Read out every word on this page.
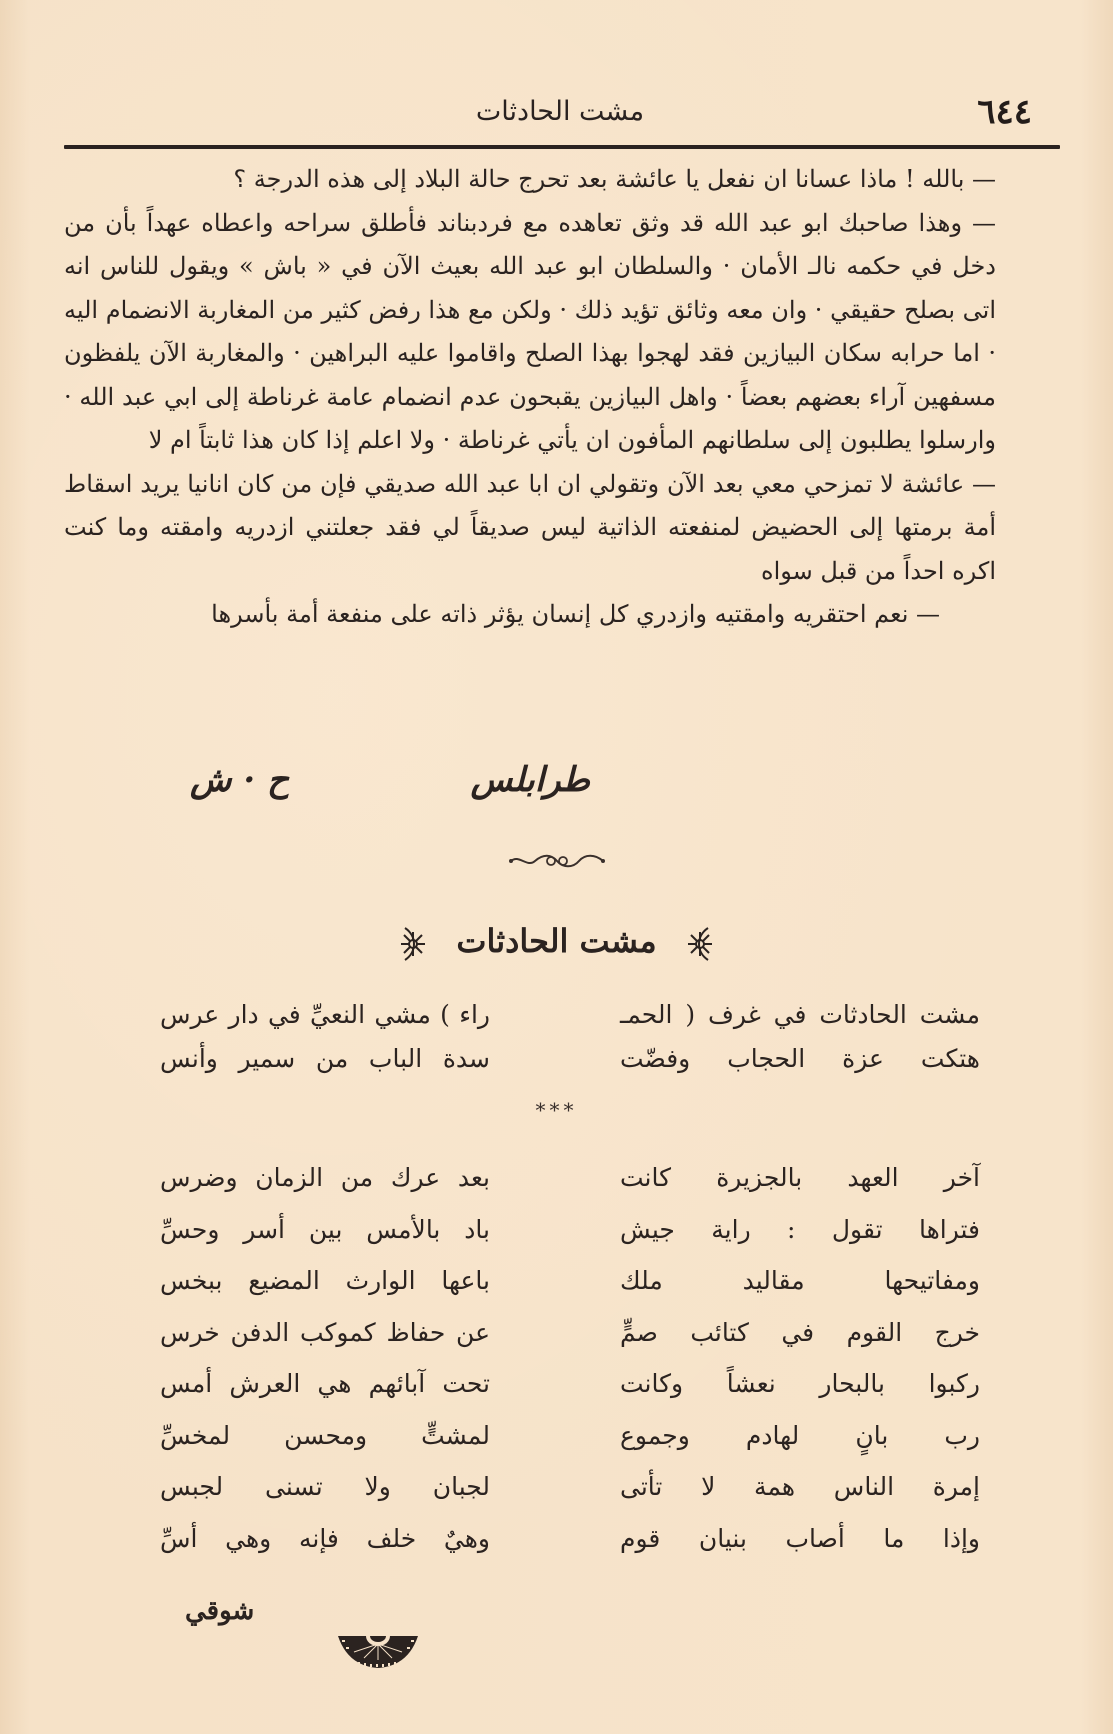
٦٤٤
مشت الحادثات

— بالله ! ماذا عسانا ان نفعل يا عائشة بعد تحرج حالة البلاد إلى هذه الدرجة ؟

— وهذا صاحبك ابو عبد الله قد وثق تعاهده مع فردبناند فأطلق سراحه واعطاه عهداً بأن من دخل في حكمه نالـ الأمان · والسلطان ابو عبد الله بعيث الآن في « باش » ويقول للناس انه اتى بصلح حقيقي · وان معه وثائق تؤيد ذلك · ولكن مع هذا رفض كثير من المغاربة الانضمام اليه · اما حرابه سكان البيازين فقد لهجوا بهذا الصلح واقاموا عليه البراهين · والمغاربة الآن يلفظون مسفهين آراء بعضهم بعضاً · واهل البيازين يقبحون عدم انضمام عامة غرناطة إلى ابي عبد الله · وارسلوا يطلبون إلى سلطانهم المأفون ان يأتي غرناطة · ولا اعلم إذا كان هذا ثابتاً ام لا

— عائشة لا تمزحي معي بعد الآن وتقولي ان ابا عبد الله صديقي فإن من كان انانيا يريد اسقاط أمة برمتها إلى الحضيض لمنفعته الذاتية ليس صديقاً لي فقد جعلتني ازدريه وامقته وما كنت اكره احداً من قبل سواه

— نعم احتقريه وامقتيه وازدري كل إنسان يؤثر ذاته على منفعة أمة بأسرها

طرابلس
ح · ش
مشت الحادثات
مشت الحادثات في غرف ( الحمـ
راء ) مشي النعيِّ في دار عرس
هتكت عزة الحجاب وفضّت
سدة الباب من سمير وأنس
***
آخر العهد بالجزيرة كانت
بعد عرك من الزمان وضرس
فتراها تقول : راية جيش
باد بالأمس بين أسر وحسِّ
ومفاتيحها مقاليد ملك
باعها الوارث المضيع ببخس
خرج القوم في كتائب صمٍّ
عن حفاظ كموكب الدفن خرس
ركبوا بالبحار نعشاً وكانت
تحت آبائهم هي العرش أمس
رب بانٍ لهادم وجموع
لمشتٍّ ومحسن لمخسِّ
إمرة الناس همة لا تأتى
لجبان ولا تسنى لجبس
وإذا ما أصاب بنيان قوم
وهيٌ خلف فإنه وهي أسِّ
شوقي
